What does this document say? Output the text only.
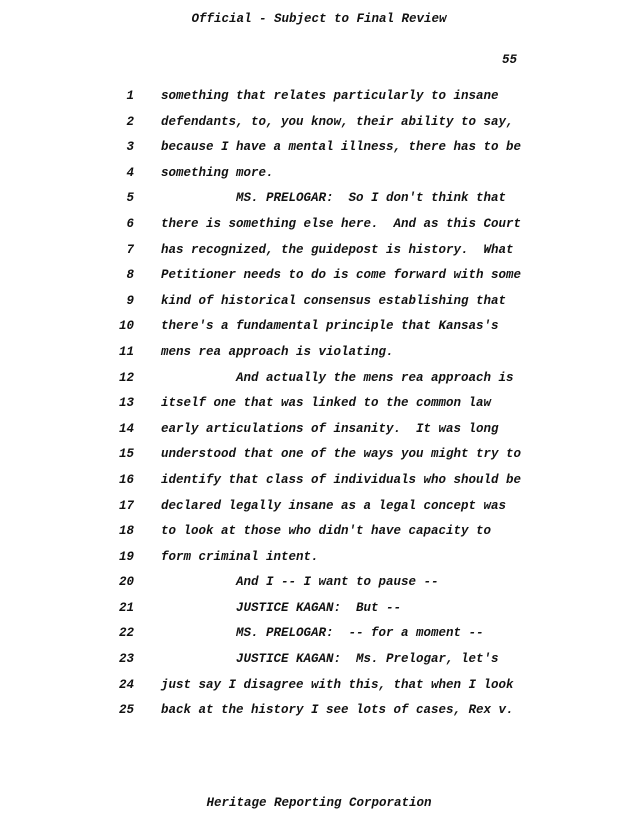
Official - Subject to Final Review
55
1 something that relates particularly to insane
2 defendants, to, you know, their ability to say,
3 because I have a mental illness, there has to be
4 something more.
5 MS. PRELOGAR:  So I don't think that
6 there is something else here.  And as this Court
7 has recognized, the guidepost is history.  What
8 Petitioner needs to do is come forward with some
9 kind of historical consensus establishing that
10 there's a fundamental principle that Kansas's
11 mens rea approach is violating.
12 And actually the mens rea approach is
13 itself one that was linked to the common law
14 early articulations of insanity.  It was long
15 understood that one of the ways you might try to
16 identify that class of individuals who should be
17 declared legally insane as a legal concept was
18 to look at those who didn't have capacity to
19 form criminal intent.
20 And I -- I want to pause --
21 JUSTICE KAGAN:  But --
22 MS. PRELOGAR:  -- for a moment --
23 JUSTICE KAGAN:  Ms. Prelogar, let's
24 just say I disagree with this, that when I look
25 back at the history I see lots of cases, Rex v.
Heritage Reporting Corporation
